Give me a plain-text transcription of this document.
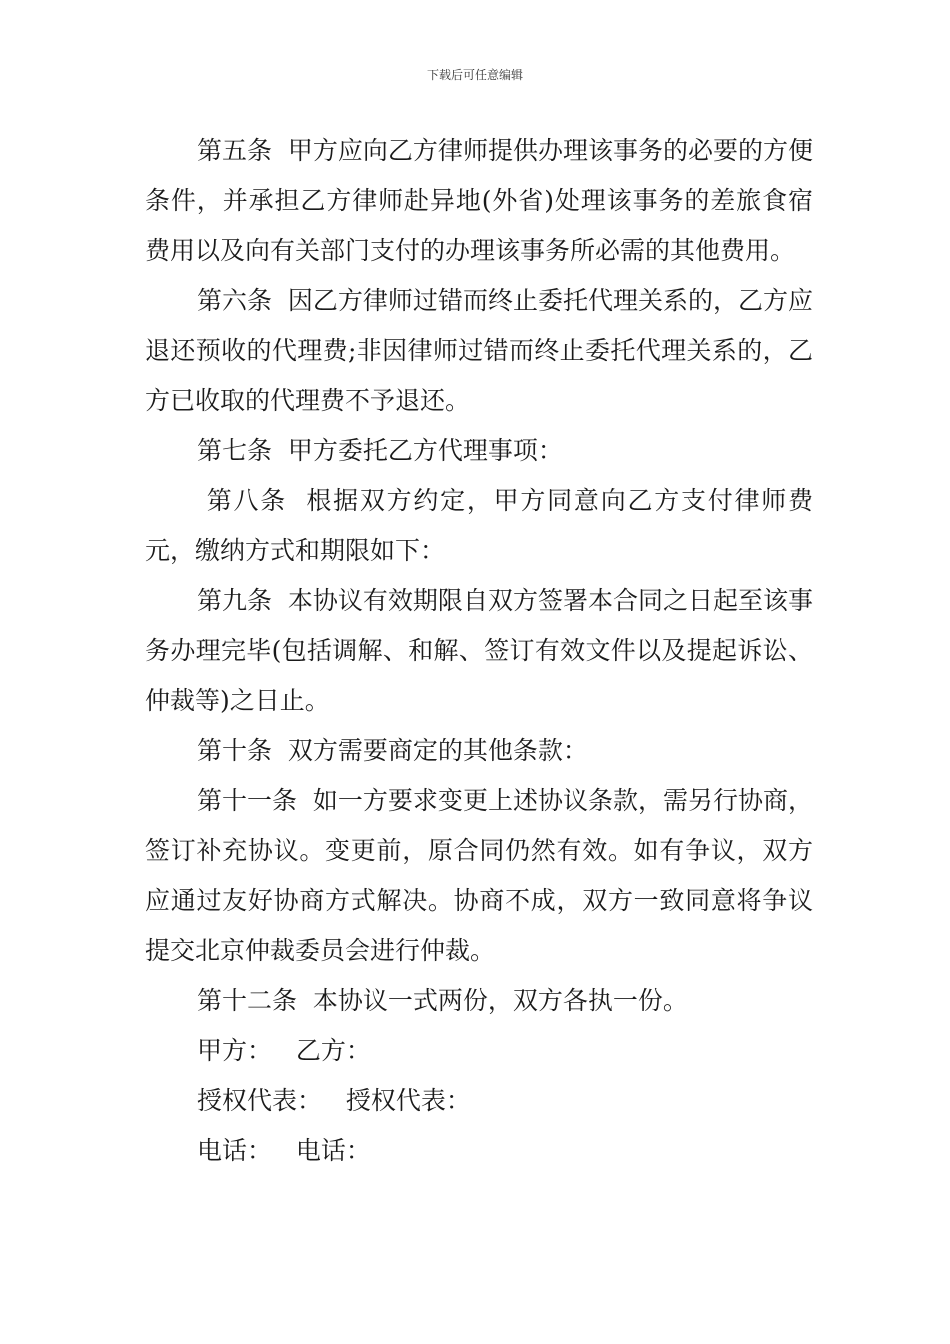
下载后可任意编辑

第五条  甲方应向乙方律师提供办理该事务的必要的方便条件，并承担乙方律师赴异地(外省)处理该事务的差旅食宿费用以及向有关部门支付的办理该事务所必需的其他费用。

第六条  因乙方律师过错而终止委托代理关系的，乙方应退还预收的代理费;非因律师过错而终止委托代理关系的，乙方已收取的代理费不予退还。

第七条  甲方委托乙方代理事项：

第八条  根据双方约定，甲方同意向乙方支付律师费元，缴纳方式和期限如下：

第九条  本协议有效期限自双方签署本合同之日起至该事务办理完毕(包括调解、和解、签订有效文件以及提起诉讼、仲裁等)之日止。

第十条  双方需要商定的其他条款：

第十一条  如一方要求变更上述协议条款，需另行协商，签订补充协议。变更前，原合同仍然有效。如有争议，双方应通过友好协商方式解决。协商不成，双方一致同意将争议提交北京仲裁委员会进行仲裁。

第十二条  本协议一式两份，双方各执一份。

甲方：   乙方：

授权代表：   授权代表：

电话：   电话：
